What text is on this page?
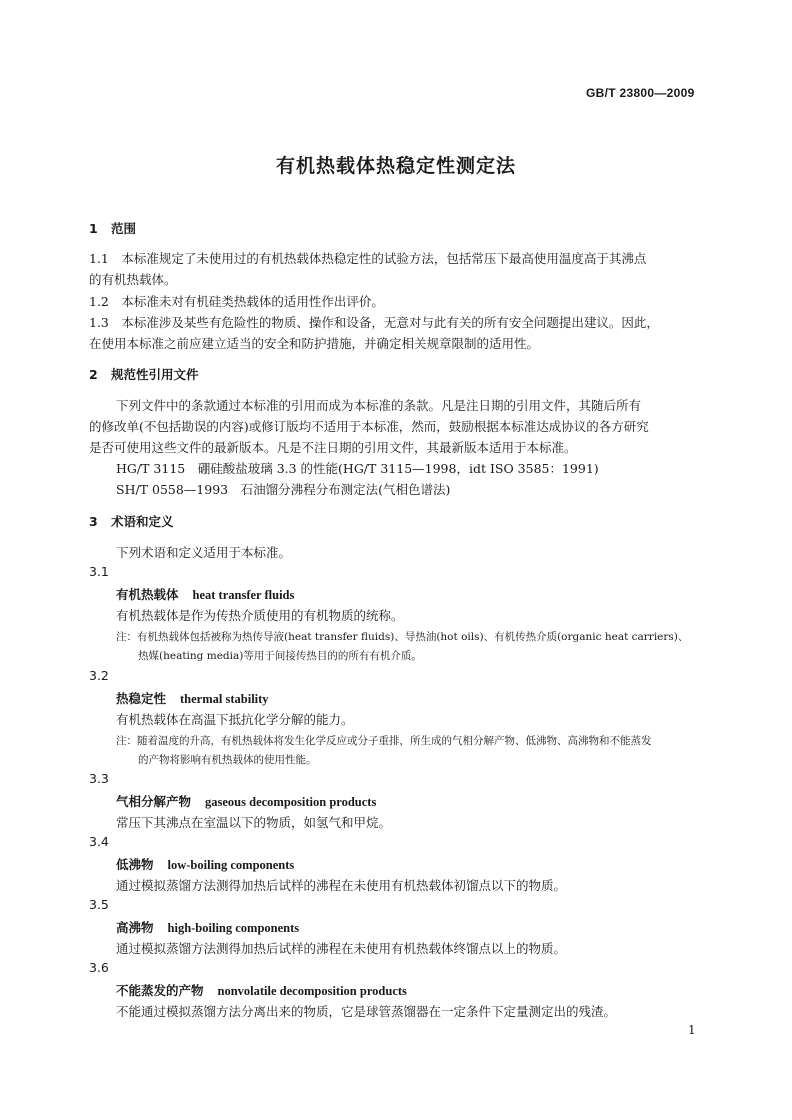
GB/T 23800—2009
有机热载体热稳定性测定法
1 范围
1.1　本标准规定了未使用过的有机热载体热稳定性的试验方法，包括常压下最高使用温度高于其沸点
的有机热载体。
1.2　本标准未对有机硅类热载体的适用性作出评价。
1.3　本标准涉及某些有危险性的物质、操作和设备，无意对与此有关的所有安全问题提出建议。因此，
在使用本标准之前应建立适当的安全和防护措施，并确定相关规章限制的适用性。
2 规范性引用文件
下列文件中的条款通过本标准的引用而成为本标准的条款。凡是注日期的引用文件，其随后所有
的修改单(不包括勘误的内容)或修订版均不适用于本标准，然而，鼓励根据本标准达成协议的各方研究
是否可使用这些文件的最新版本。凡是不注日期的引用文件，其最新版本适用于本标准。
HG/T 3115　硼硅酸盐玻璃 3.3 的性能(HG/T 3115—1998，idt ISO 3585：1991)
SH/T 0558—1993　石油馏分沸程分布测定法(气相色谱法)
3 术语和定义
下列术语和定义适用于本标准。
3.1
有机热载体 heat transfer fluids
有机热载体是作为传热介质使用的有机物质的统称。
注：有机热载体包括被称为热传导液(heat transfer fluids)、导热油(hot oils)、有机传热介质(organic heat carriers)、
热媒(heating media)等用于间接传热目的的所有有机介质。
3.2
热稳定性 thermal stability
有机热载体在高温下抵抗化学分解的能力。
注：随着温度的升高，有机热载体将发生化学反应或分子重排，所生成的气相分解产物、低沸物、高沸物和不能蒸发
的产物将影响有机热载体的使用性能。
3.3
气相分解产物 gaseous decomposition products
常压下其沸点在室温以下的物质，如氢气和甲烷。
3.4
低沸物 low-boiling components
通过模拟蒸馏方法测得加热后试样的沸程在未使用有机热载体初馏点以下的物质。
3.5
高沸物 high-boiling components
通过模拟蒸馏方法测得加热后试样的沸程在未使用有机热载体终馏点以上的物质。
3.6
不能蒸发的产物 nonvolatile decomposition products
不能通过模拟蒸馏方法分离出来的物质，它是球管蒸馏器在一定条件下定量测定出的残渣。
1
